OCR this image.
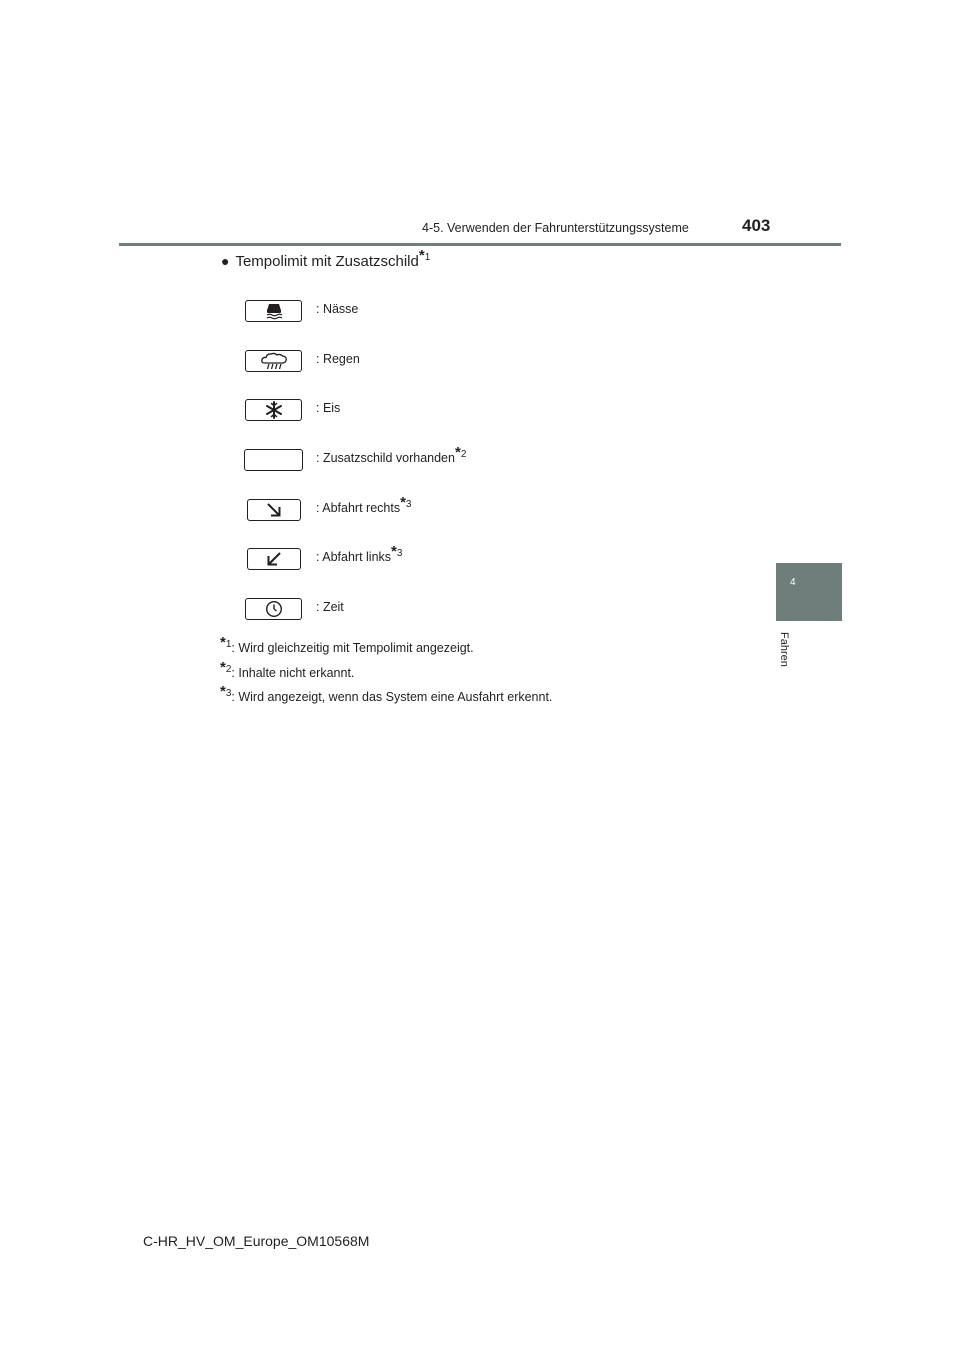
4-5. Verwenden der Fahrunterstützungssysteme	403
4
Fahren
● Tempolimit mit Zusatzschild*$^1$
: Nässe
: Regen
: Eis
: Zusatzschild vorhanden*$^2$
: Abfahrt rechts*$^3$
: Abfahrt links*$^3$
: Zeit
*$^1$: Wird gleichzeitig mit Tempolimit angezeigt.
*$^2$: Inhalte nicht erkannt.
*$^3$: Wird angezeigt, wenn das System eine Ausfahrt erkennt.
C-HR_HV_OM_Europe_OM10568M
